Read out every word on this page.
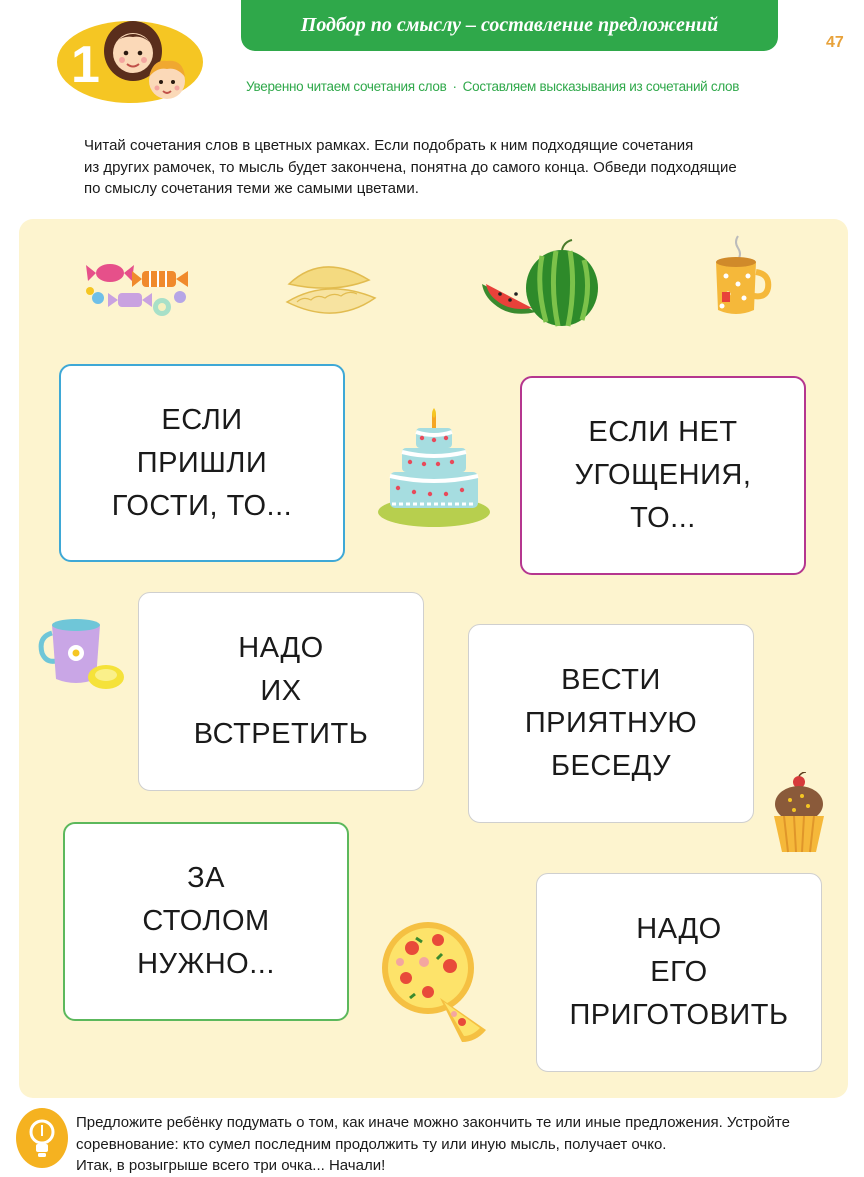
1
Подбор по смыслу – составление предложений
47
Уверенно читаем сочетания слов · Составляем высказывания из сочетаний слов
Читай сочетания слов в цветных рамках. Если подобрать к ним подходящие сочетания
из других рамочек, то мысль будет закончена, понятна до самого конца. Обведи подходящие
по смыслу сочетания теми же самыми цветами.
ЕСЛИ
ПРИШЛИ
ГОСТИ, ТО...
ЕСЛИ НЕТ
УГОЩЕНИЯ,
ТО...
НАДО
ИХ
ВСТРЕТИТЬ
ВЕСТИ
ПРИЯТНУЮ
БЕСЕДУ
ЗА
СТОЛОМ
НУЖНО...
НАДО
ЕГО
ПРИГОТОВИТЬ
Предложите ребёнку подумать о том, как иначе можно закончить те или иные предложения. Устройте
соревнование: кто сумел последним продолжить ту или иную мысль, получает очко.
Итак, в розыгрыше всего три очка... Начали!
